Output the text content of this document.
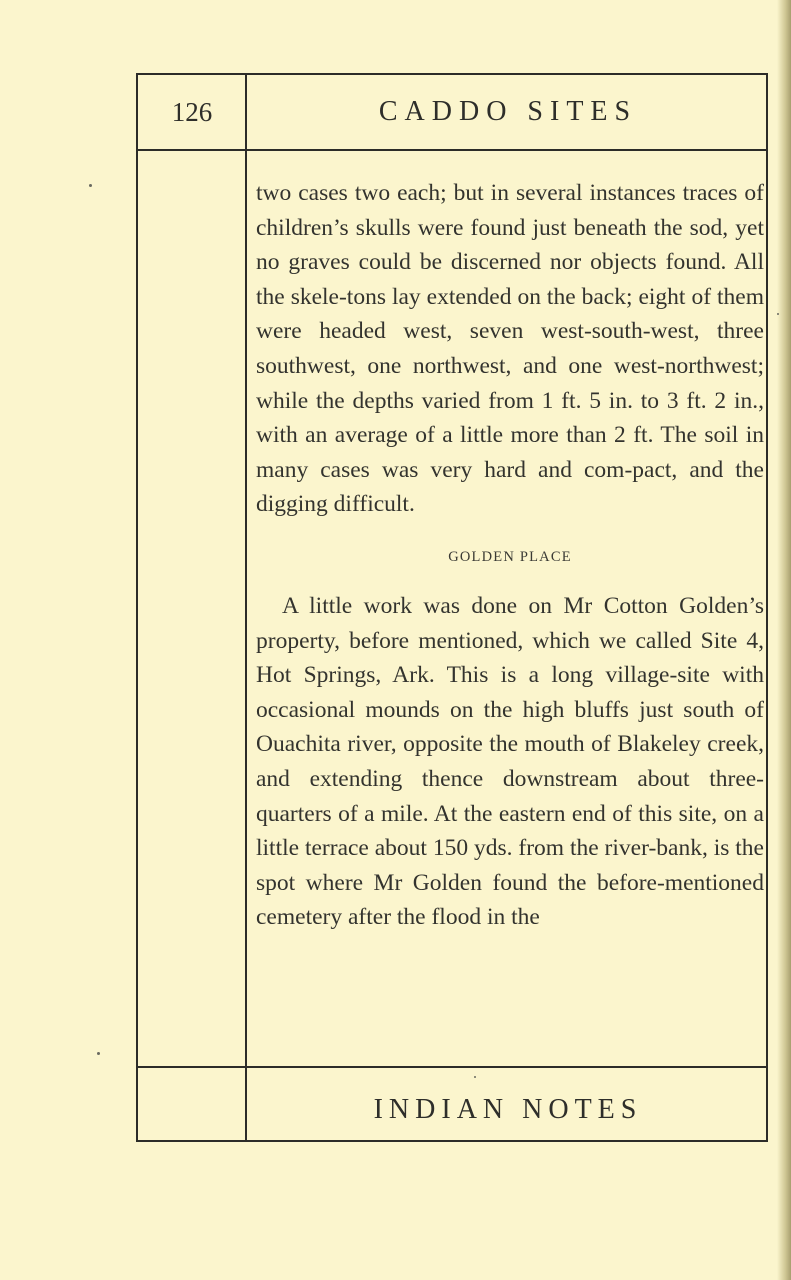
126	CADDO SITES

two cases two each; but in several instances traces of children’s skulls were found just beneath the sod, yet no graves could be discerned nor objects found. All the skele-tons lay extended on the back; eight of them were headed west, seven west-south-west, three southwest, one northwest, and one west-northwest; while the depths varied from 1 ft. 5 in. to 3 ft. 2 in., with an average of a little more than 2 ft. The soil in many cases was very hard and com-pact, and the digging difficult.

GOLDEN PLACE

A little work was done on Mr Cotton Golden’s property, before mentioned, which we called Site 4, Hot Springs, Ark. This is a long village-site with occasional mounds on the high bluffs just south of Ouachita river, opposite the mouth of Blakeley creek, and extending thence downstream about three-quarters of a mile. At the eastern end of this site, on a little terrace about 150 yds. from the river-bank, is the spot where Mr Golden found the before-mentioned cemetery after the flood in the

INDIAN NOTES
